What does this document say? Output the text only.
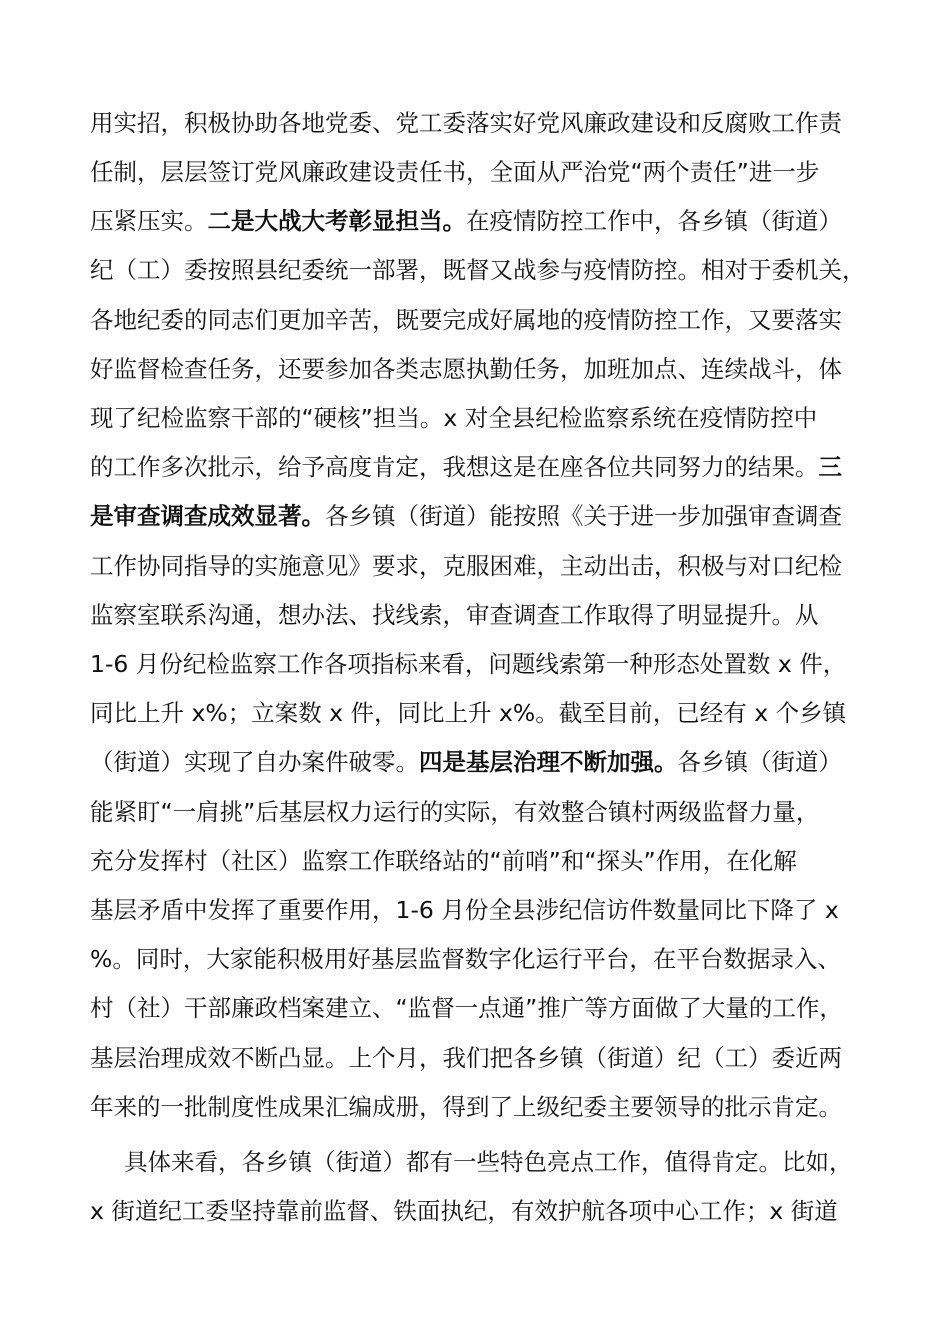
用实招，积极协助各地党委、党工委落实好党风廉政建设和反腐败工作责
任制，层层签订党风廉政建设责任书，全面从严治党“两个责任”进一步
压紧压实。二是大战大考彰显担当。在疫情防控工作中，各乡镇（街道）
纪（工）委按照县纪委统一部署，既督又战参与疫情防控。相对于委机关，
各地纪委的同志们更加辛苦，既要完成好属地的疫情防控工作，又要落实
好监督检查任务，还要参加各类志愿执勤任务，加班加点、连续战斗，体
现了纪检监察干部的“硬核”担当。x 对全县纪检监察系统在疫情防控中
的工作多次批示，给予高度肯定，我想这是在座各位共同努力的结果。三
是审查调查成效显著。各乡镇（街道）能按照《关于进一步加强审查调查
工作协同指导的实施意见》要求，克服困难，主动出击，积极与对口纪检
监察室联系沟通，想办法、找线索，审查调查工作取得了明显提升。从
1-6 月份纪检监察工作各项指标来看，问题线索第一种形态处置数 x 件，
同比上升 x%；立案数 x 件，同比上升 x%。截至目前，已经有 x 个乡镇
（街道）实现了自办案件破零。四是基层治理不断加强。各乡镇（街道）
能紧盯“一肩挑”后基层权力运行的实际，有效整合镇村两级监督力量，
充分发挥村（社区）监察工作联络站的“前哨”和“探头”作用，在化解
基层矛盾中发挥了重要作用，1-6 月份全县涉纪信访件数量同比下降了 x
%。同时，大家能积极用好基层监督数字化运行平台，在平台数据录入、
村（社）干部廉政档案建立、“监督一点通”推广等方面做了大量的工作，
基层治理成效不断凸显。上个月，我们把各乡镇（街道）纪（工）委近两
年来的一批制度性成果汇编成册，得到了上级纪委主要领导的批示肯定。
具体来看，各乡镇（街道）都有一些特色亮点工作，值得肯定。比如，
x 街道纪工委坚持靠前监督、铁面执纪，有效护航各项中心工作；x 街道
